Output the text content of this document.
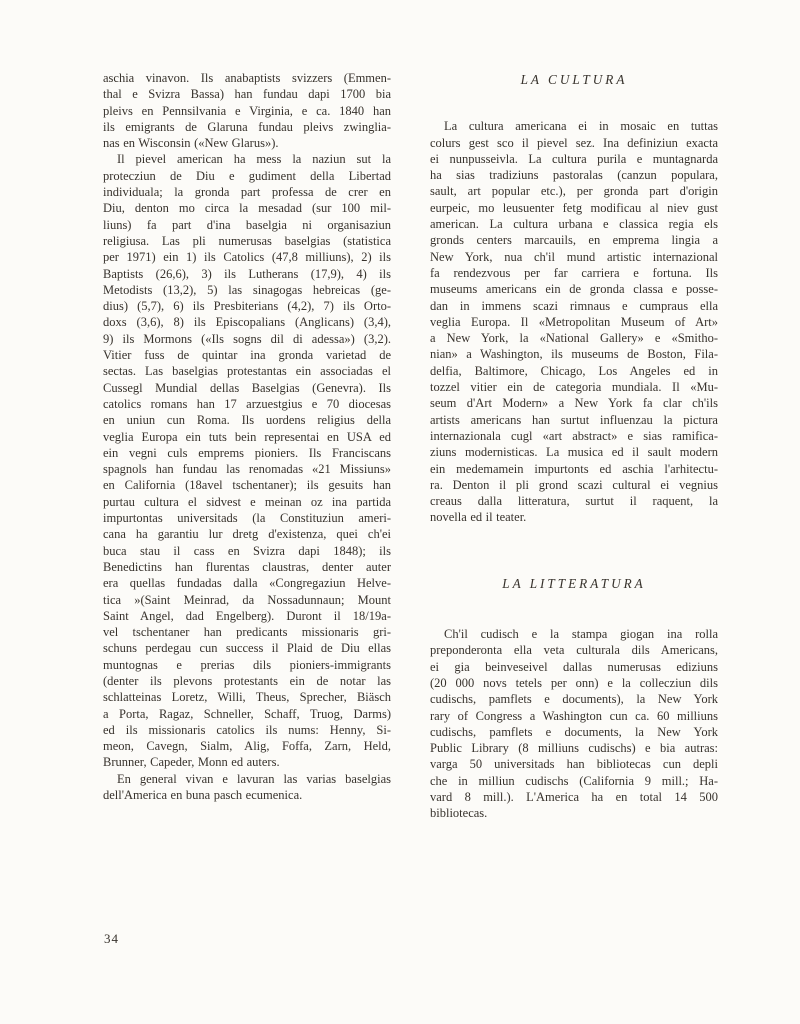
aschia vinavon. Ils anabaptists svizzers (Emmen-
thal e Svizra Bassa) han fundau dapi 1700 bia
pleivs en Pennsilvania e Virginia, e ca. 1840 han
ils emigrants de Glaruna fundau pleivs zwinglia-
nas en Wisconsin («New Glarus»).
Il pievel american ha mess la naziun sut la
protecziun de Diu e gudiment della Libertad
individuala; la gronda part professa de crer en
Diu, denton mo circa la mesadad (sur 100 mil-
liuns) fa part d'ina baselgia ni organisaziun
religiusa. Las pli numerusas baselgias (statistica
per 1971) ein 1) ils Catolics (47,8 milliuns), 2) ils
Baptists (26,6), 3) ils Lutherans (17,9), 4) ils
Metodists (13,2), 5) las sinagogas hebreicas (ge-
dius) (5,7), 6) ils Presbiterians (4,2), 7) ils Orto-
doxs (3,6), 8) ils Episcopalians (Anglicans) (3,4),
9) ils Mormons («Ils sogns dil di adessa») (3,2).
Vitier fuss de quintar ina gronda varietad de
sectas. Las baselgias protestantas ein associadas el
Cussegl Mundial dellas Baselgias (Genevra). Ils
catolics romans han 17 arzuestgius e 70 diocesas
en uniun cun Roma. Ils uordens religius della
veglia Europa ein tuts bein representai en USA ed
ein vegni culs emprems pioniers. Ils Franciscans
spagnols han fundau las renomadas «21 Missiuns»
en California (18avel tschentaner); ils gesuits han
purtau cultura el sidvest e meinan oz ina partida
impurtontas universitads (la Constituziun ameri-
cana ha garantiu lur dretg d'existenza, quei ch'ei
buca stau il cass en Svizra dapi 1848); ils
Benedictins han flurentas claustras, denter auter
era quellas fundadas dalla «Congregaziun Helve-
tica »(Saint Meinrad, da Nossadunnaun; Mount
Saint Angel, dad Engelberg). Duront il 18/19a-
vel tschentaner han predicants missionaris gri-
schuns perdegau cun success il Plaid de Diu ellas
muntognas e prerias dils pioniers-immigrants
(denter ils plevons protestants ein de notar las
schlatteinas Loretz, Willi, Theus, Sprecher, Biäsch
a Porta, Ragaz, Schneller, Schaff, Truog, Darms)
ed ils missionaris catolics ils nums: Henny, Si-
meon, Cavegn, Sialm, Alig, Foffa, Zarn, Held,
Brunner, Capeder, Monn ed auters.
En general vivan e lavuran las varias baselgias
dell'America en buna pasch ecumenica.
LA CULTURA
La cultura americana ei in mosaic en tuttas
colurs gest sco il pievel sez. Ina definiziun exacta
ei nunpusseivla. La cultura purila e muntagnarda
ha sias tradiziuns pastoralas (canzun populara,
sault, art popular etc.), per gronda part d'origin
eurpeic, mo leusuenter fetg modificau al niev gust
american. La cultura urbana e classica regia els
gronds centers marcauils, en emprema lingia a
New York, nua ch'il mund artistic internazional
fa rendezvous per far carriera e fortuna. Ils
museums americans ein de gronda classa e posse-
dan in immens scazi rimnaus e cumpraus ella
veglia Europa. Il «Metropolitan Museum of Art»
a New York, la «National Gallery» e «Smitho-
nian» a Washington, ils museums de Boston, Fila-
delfia, Baltimore, Chicago, Los Angeles ed in
tozzel vitier ein de categoria mundiala. Il «Mu-
seum d'Art Modern» a New York fa clar ch'ils
artists americans han surtut influenzau la pictura
internazionala cugl «art abstract» e sias ramifica-
ziuns modernisticas. La musica ed il sault modern
ein medemamein impurtonts ed aschia l'arhitectu-
ra. Denton il pli grond scazi cultural ei vegnius
creaus dalla litteratura, surtut il raquent, la
novella ed il teater.
LA LITTERATURA
Ch'il cudisch e la stampa giogan ina rolla
preponderonta ella veta culturala dils Americans,
ei gia beinveseivel dallas numerusas ediziuns
(20 000 novs tetels per onn) e la collecziun dils
cudischs, pamflets e documents), la New York
rary of Congress a Washington cun ca. 60 milliuns
cudischs, pamflets e documents, la New York
Public Library (8 milliuns cudischs) e bia autras:
varga 50 universitads han bibliotecas cun depli
che in milliun cudischs (California 9 mill.; Ha-
vard 8 mill.). L'America ha en total 14 500
bibliotecas.
34
